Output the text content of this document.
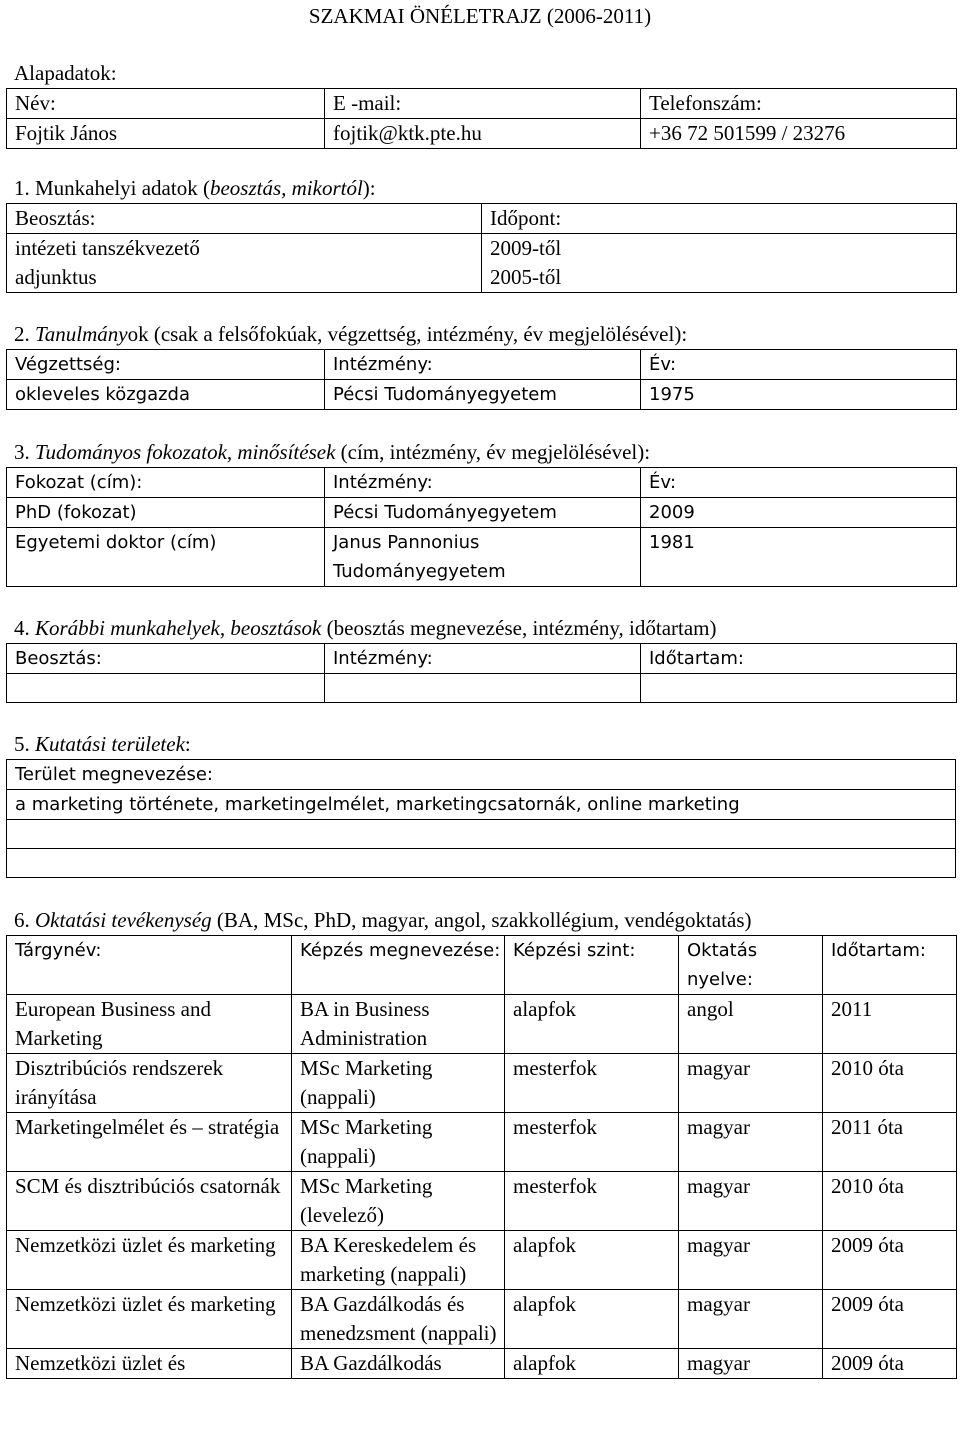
SZAKMAI ÖNÉLETRAJZ (2006-2011)
Alapadatok:
Név:	E -mail:	Telefonszám:
Fojtik János	fojtik@ktk.pte.hu	+36 72 501599 / 23276
1. Munkahelyi adatok (beosztás, mikortól):
Beosztás:	Időpont:
intézeti tanszékvezető	2009-től
adjunktus	2005-től
2. Tanulmányok (csak a felsőfokúak, végzettség, intézmény, év megjelölésével):
Végzettség:	Intézmény:	Év:
okleveles közgazda	Pécsi Tudományegyetem	1975
3. Tudományos fokozatok, minősítések (cím, intézmény, év megjelölésével):
Fokozat (cím):	Intézmény:	Év:
PhD (fokozat)	Pécsi Tudományegyetem	2009
Egyetemi doktor (cím)	Janus Pannonius Tudományegyetem	1981
4. Korábbi munkahelyek, beosztások (beosztás megnevezése, intézmény, időtartam)
Beosztás:	Intézmény:	Időtartam:

5. Kutatási területek:
Terület megnevezése:
a marketing története, marketingelmélet, marketingcsatornák, online marketing

6. Oktatási tevékenység (BA, MSc, PhD, magyar, angol, szakkollégium, vendégoktatás)
Tárgynév:	Képzés megnevezése:	Képzési szint:	Oktatás nyelve:	Időtartam:
European Business and Marketing	BA in Business Administration	alapfok	angol	2011
Disztribúciós rendszerek irányítása	MSc Marketing (nappali)	mesterfok	magyar	2010 óta
Marketingelmélet és – stratégia	MSc Marketing (nappali)	mesterfok	magyar	2011 óta
SCM és disztribúciós csatornák	MSc Marketing (levelező)	mesterfok	magyar	2010 óta
Nemzetközi üzlet és marketing	BA Kereskedelem és marketing (nappali)	alapfok	magyar	2009 óta
Nemzetközi üzlet és marketing	BA Gazdálkodás és menedzsment (nappali)	alapfok	magyar	2009 óta
Nemzetközi üzlet és	BA Gazdálkodás	alapfok	magyar	2009 óta
